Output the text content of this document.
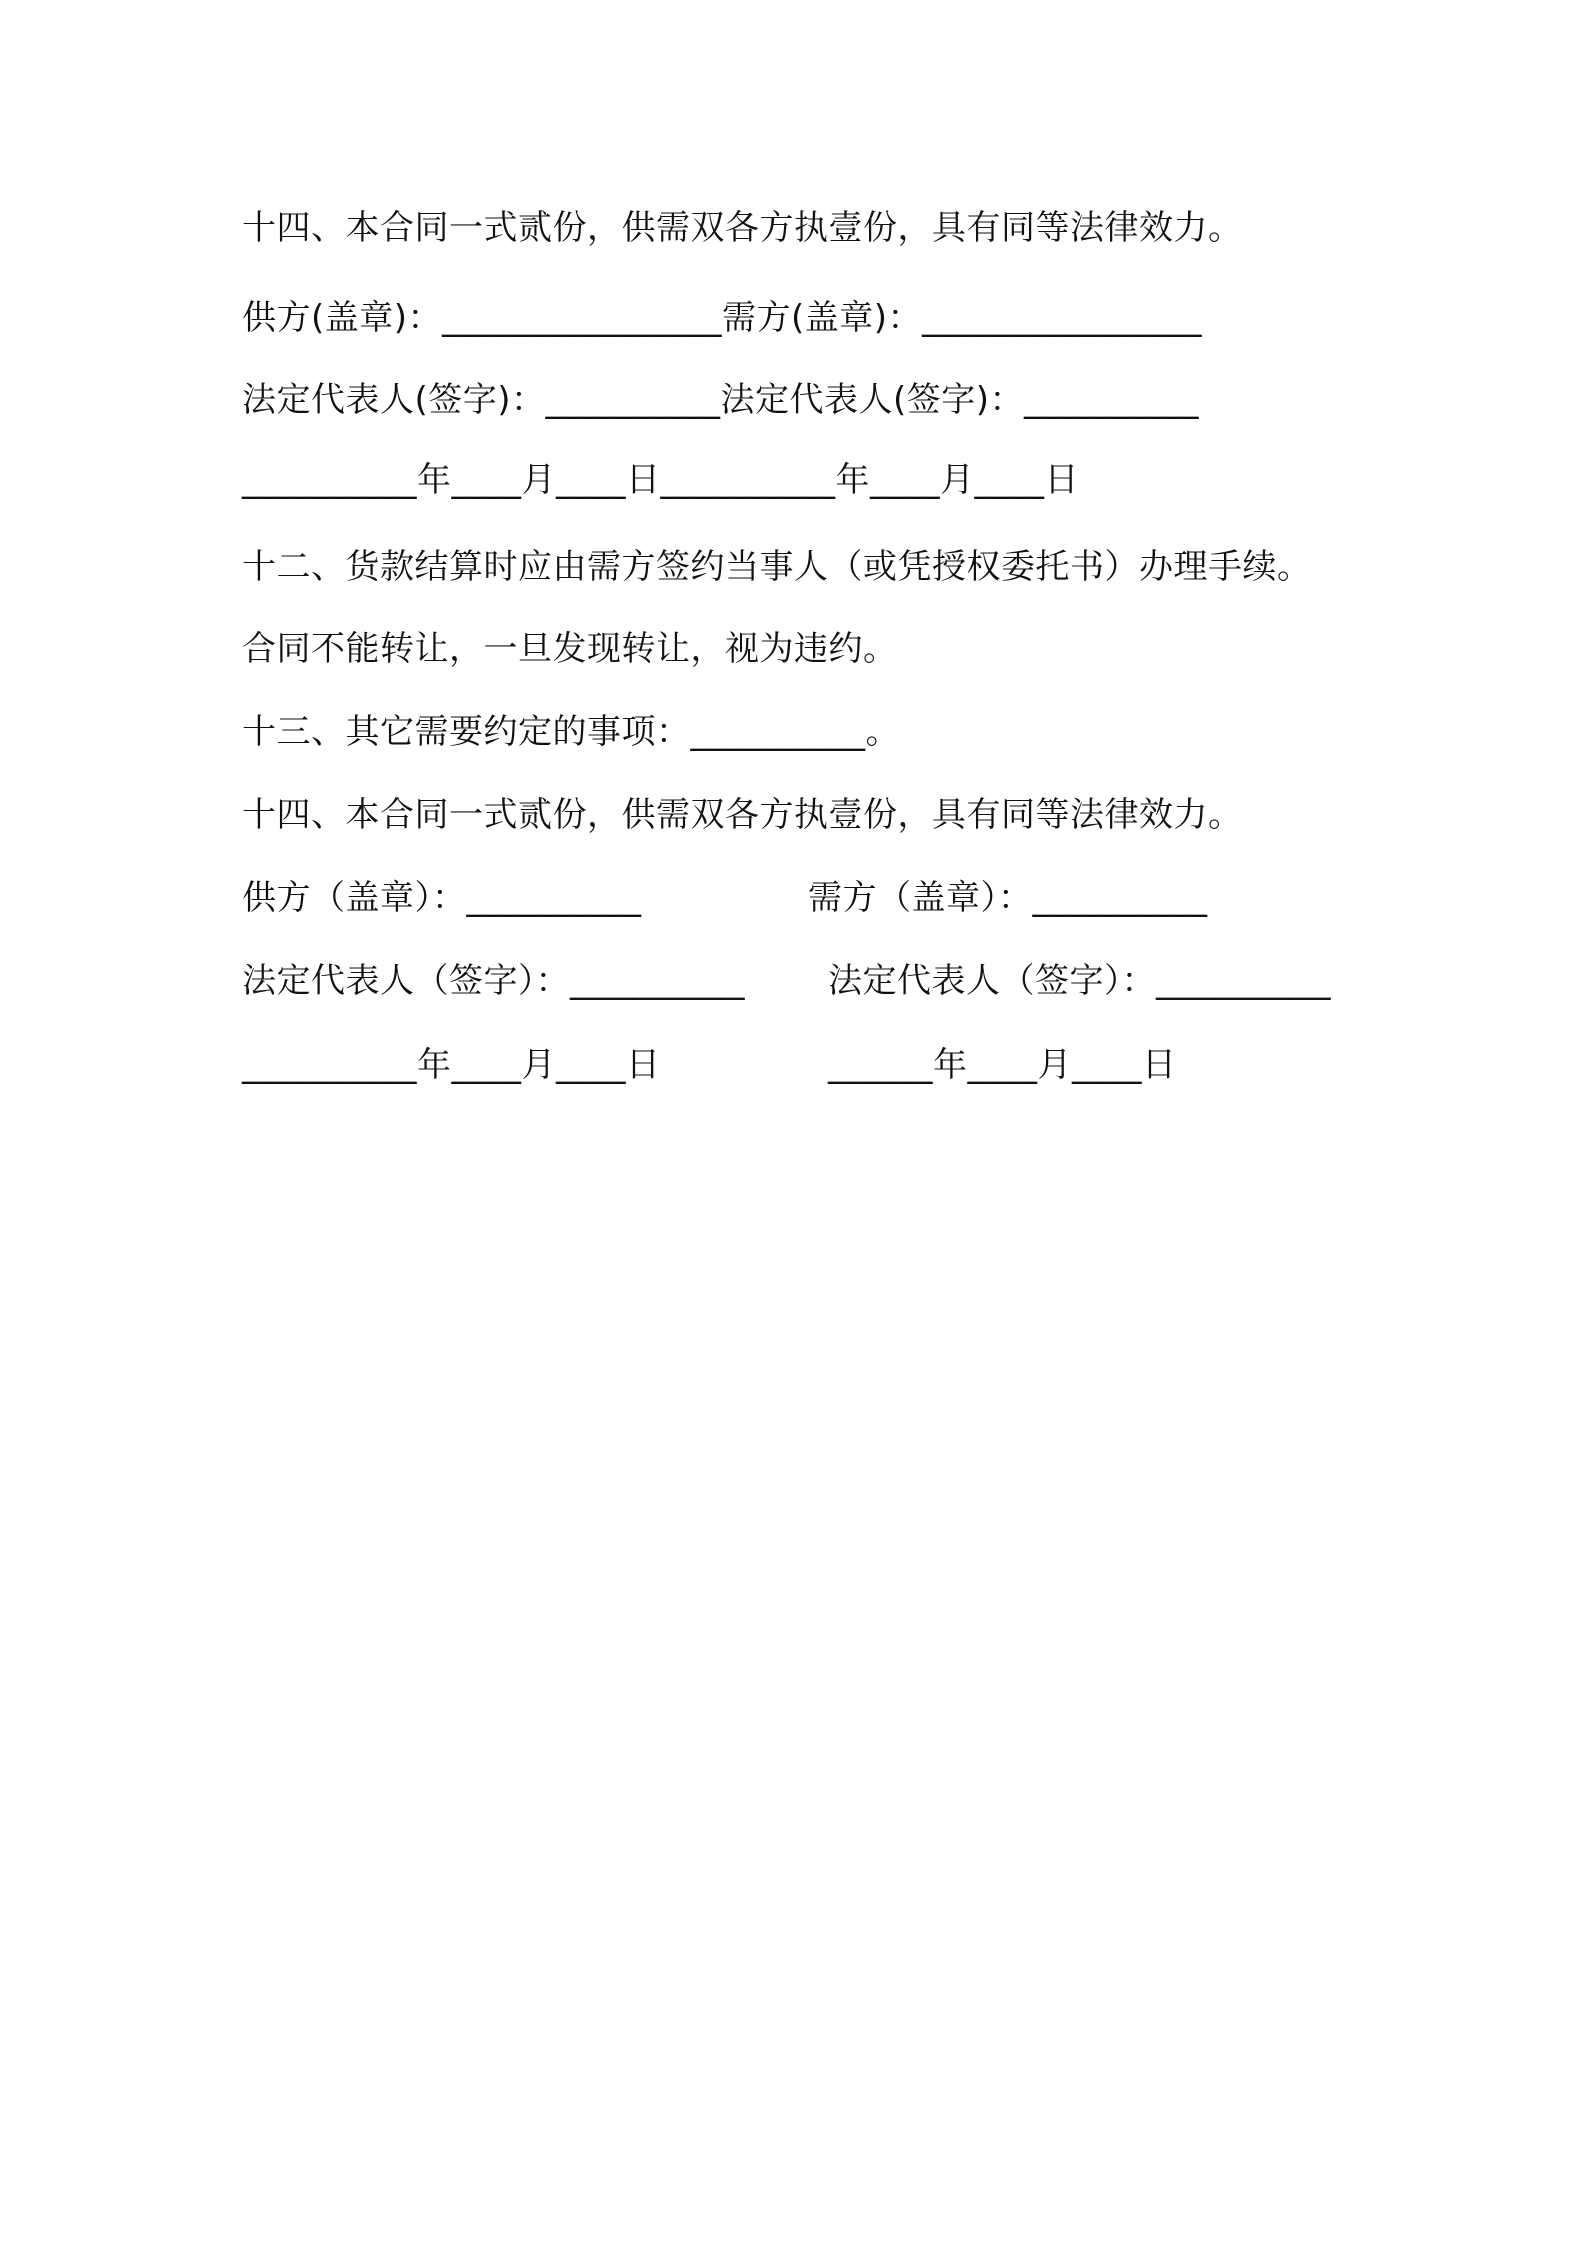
十四、本合同一式贰份，供需双各方执壹份，具有同等法律效力。
供方(盖章)：________________需方(盖章)：________________
法定代表人(签字)：__________法定代表人(签字)：__________
__________年____月____日__________年____月____日
十二、货款结算时应由需方签约当事人（或凭授权委托书）办理手续。
合同不能转让，一旦发现转让，视为违约。
十三、其它需要约定的事项：__________。
十四、本合同一式贰份，供需双各方执壹份，具有同等法律效力。
供方（盖章）：__________	需方（盖章）：__________
法定代表人（签字）：__________ 法定代表人（签字）：__________
__________年____月____日	______年____月____日
